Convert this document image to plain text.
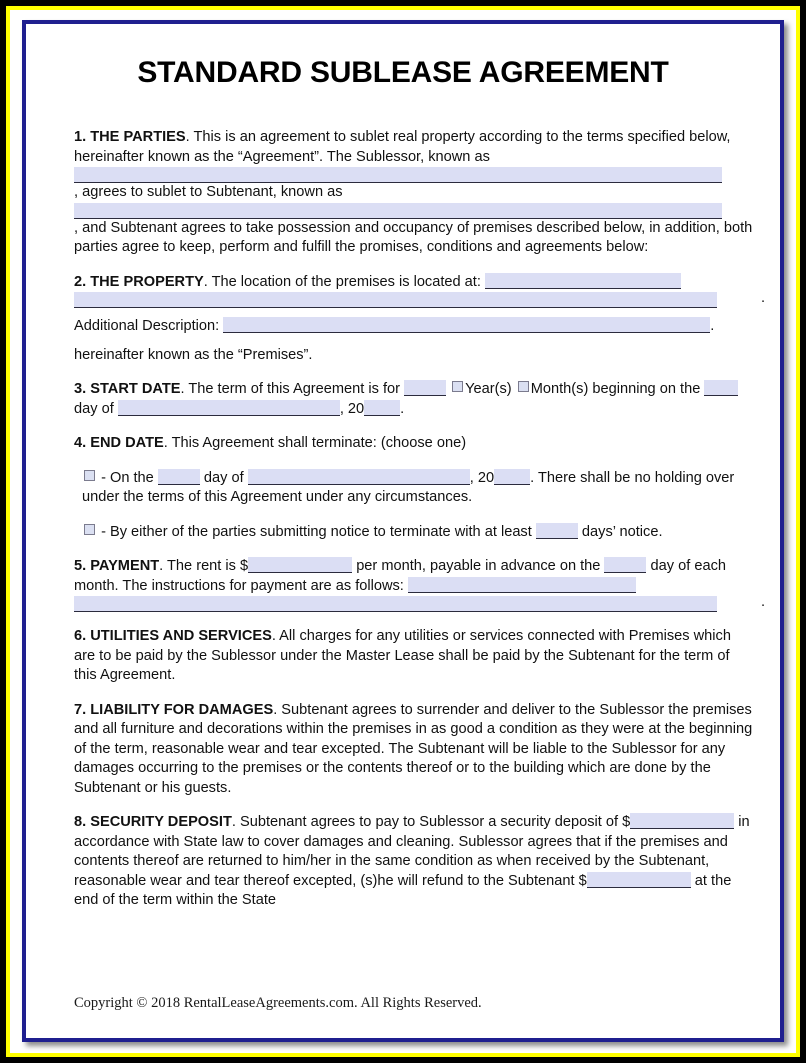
STANDARD SUBLEASE AGREEMENT
1. THE PARTIES. This is an agreement to sublet real property according to the terms specified below, hereinafter known as the “Agreement”. The Sublessor, known as
, agrees to sublet to Subtenant, known as
, and Subtenant agrees to take possession and occupancy of premises described below, in addition, both parties agree to keep, perform and fulfill the promises, conditions and agreements below:
2. THE PROPERTY. The location of the premises is located at:
.
Additional Description:	.
hereinafter known as the “Premises”.
3. START DATE. The term of this Agreement is for	Year(s) Month(s) beginning on the  day of	, 20 .
4. END DATE. This Agreement shall terminate: (choose one)
- On the	day of	, 20 . There shall be no holding over under the terms of this Agreement under any circumstances.
- By either of the parties submitting notice to terminate with at least	days’ notice.
5. PAYMENT. The rent is $	per month, payable in advance on the	day of each month. The instructions for payment are as follows:
.
6. UTILITIES AND SERVICES. All charges for any utilities or services connected with Premises which are to be paid by the Sublessor under the Master Lease shall be paid by the Subtenant for the term of this Agreement.
7. LIABILITY FOR DAMAGES. Subtenant agrees to surrender and deliver to the Sublessor the premises and all furniture and decorations within the premises in as good a condition as they were at the beginning of the term, reasonable wear and tear excepted. The Subtenant will be liable to the Sublessor for any damages occurring to the premises or the contents thereof or to the building which are done by the Subtenant or his guests.
8. SECURITY DEPOSIT. Subtenant agrees to pay to Sublessor a security deposit of $	in accordance with State law to cover damages and cleaning. Sublessor agrees that if the premises and contents thereof are returned to him/her in the same condition as when received by the Subtenant, reasonable wear and tear thereof excepted, (s)he will refund to the Subtenant $	at the end of the term within the State
Copyright © 2018 RentalLeaseAgreements.com. All Rights Reserved.
